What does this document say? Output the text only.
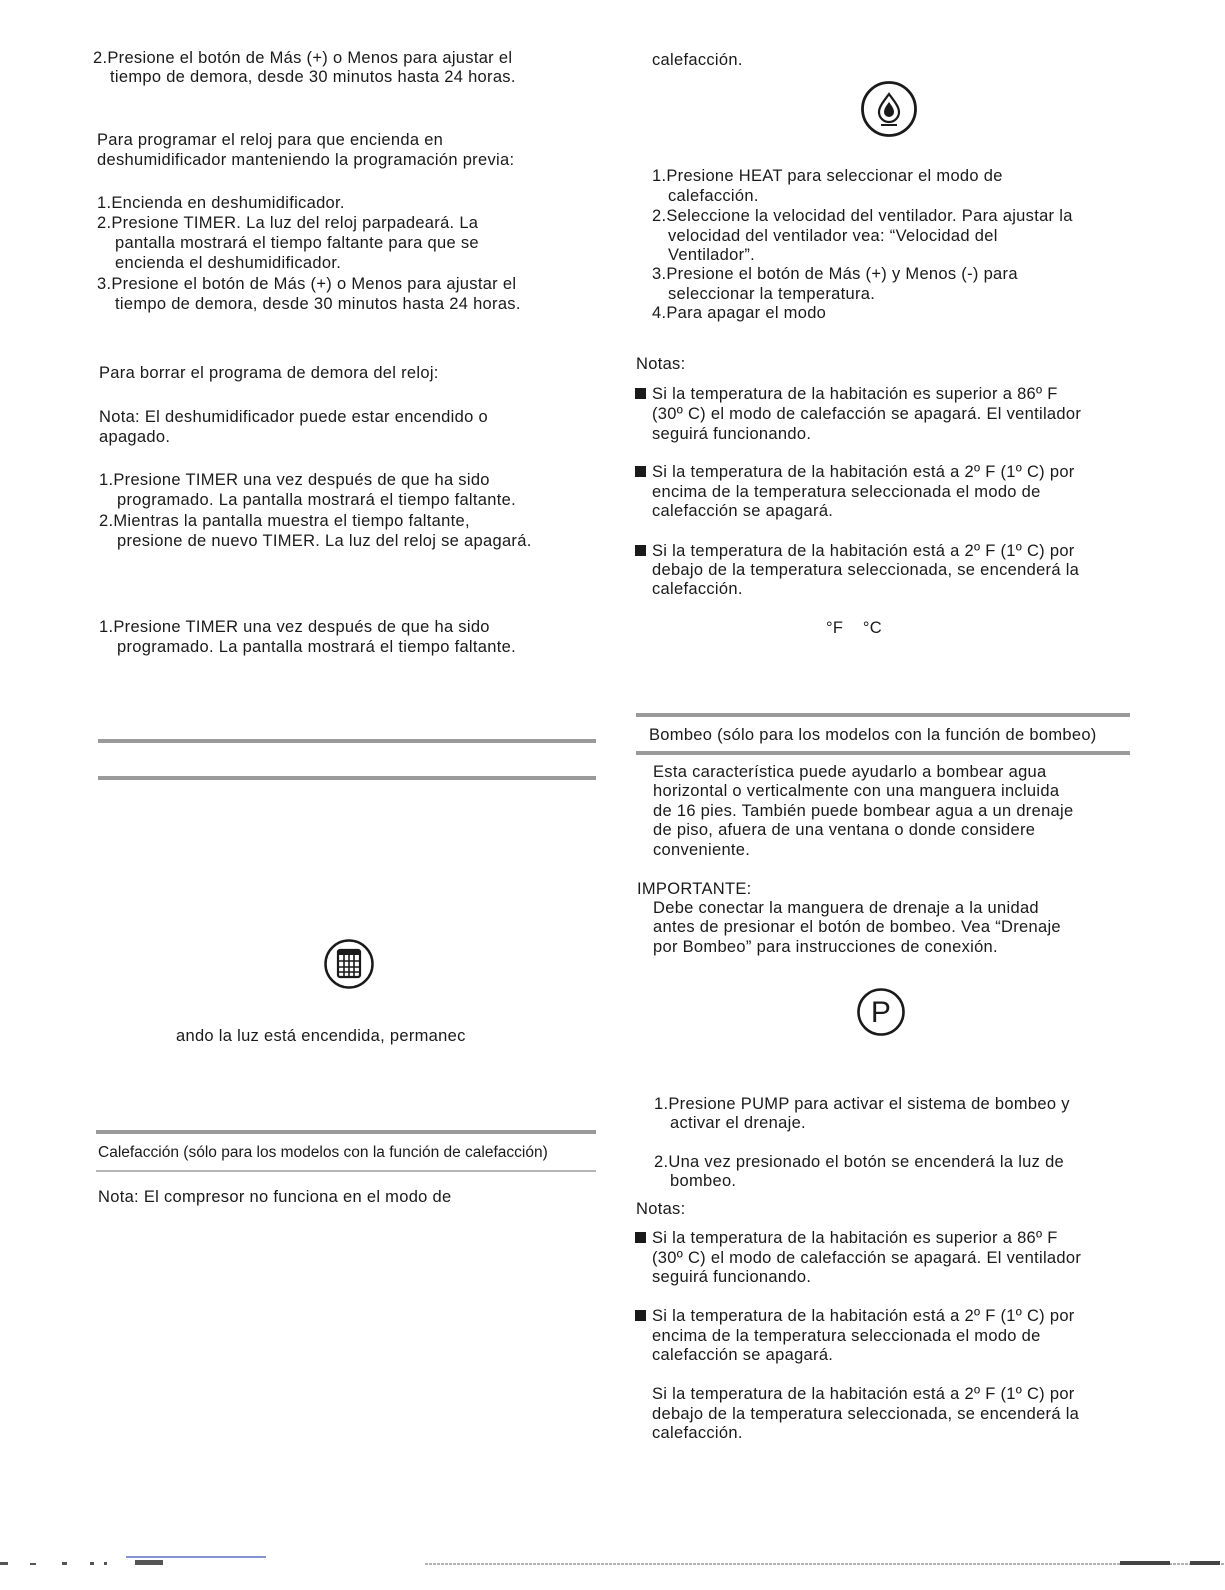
2.Presione el botón de Más (+) o Menos para ajustar el

tiempo de demora, desde 30 minutos hasta 24 horas.

Para programar el reloj para que encienda en

deshumidificador manteniendo la programación previa:

1.Encienda en deshumidificador.

2.Presione TIMER. La luz del reloj parpadeará. La

pantalla mostrará el tiempo faltante para que se

encienda el deshumidificador.

3.Presione el botón de Más (+) o Menos para ajustar el

tiempo de demora, desde 30 minutos hasta 24 horas.

Para borrar el programa de demora del reloj:

Nota: El deshumidificador puede estar encendido o

apagado.

1.Presione TIMER una vez después de que ha sido

programado. La pantalla mostrará el tiempo faltante.

2.Mientras la pantalla muestra el tiempo faltante,

presione de nuevo TIMER. La luz del reloj se apagará.

1.Presione TIMER una vez después de que ha sido

programado. La pantalla mostrará el tiempo faltante.

ando la luz está encendida, permanec

Calefacción (sólo para los modelos con la función de calefacción)

Nota: El compresor no funciona en el modo de

calefacción.

1.Presione HEAT para seleccionar el modo de

calefacción.

2.Seleccione la velocidad del ventilador. Para ajustar la

velocidad del ventilador vea: “Velocidad del

Ventilador”.

3.Presione el botón de Más (+) y Menos (-) para

seleccionar la temperatura.

4.Para apagar el modo

Notas:

Si la temperatura de la habitación es superior a 86º F

(30º C) el modo de calefacción se apagará. El ventilador

seguirá funcionando.

Si la temperatura de la habitación está a 2º F (1º C) por

encima de la temperatura seleccionada el modo de

calefacción se apagará.

Si la temperatura de la habitación está a 2º F (1º C) por

debajo de la temperatura seleccionada, se encenderá la

calefacción.

°F    °C

Bombeo (sólo para los modelos con la función de bombeo)

Esta característica puede ayudarlo a bombear agua

horizontal o verticalmente con una manguera incluida

de 16 pies. También puede bombear agua a un drenaje

de piso, afuera de una ventana o donde considere

conveniente.

IMPORTANTE:

Debe conectar la manguera de drenaje a la unidad

antes de presionar el botón de bombeo. Vea “Drenaje

por Bombeo” para instrucciones de conexión.

P

1.Presione PUMP para activar el sistema de bombeo y

activar el drenaje.

2.Una vez presionado el botón se encenderá la luz de

bombeo.

Notas:

Si la temperatura de la habitación es superior a 86º F

(30º C) el modo de calefacción se apagará. El ventilador

seguirá funcionando.

Si la temperatura de la habitación está a 2º F (1º C) por

encima de la temperatura seleccionada el modo de

calefacción se apagará.

Si la temperatura de la habitación está a 2º F (1º C) por

debajo de la temperatura seleccionada, se encenderá la

calefacción.
